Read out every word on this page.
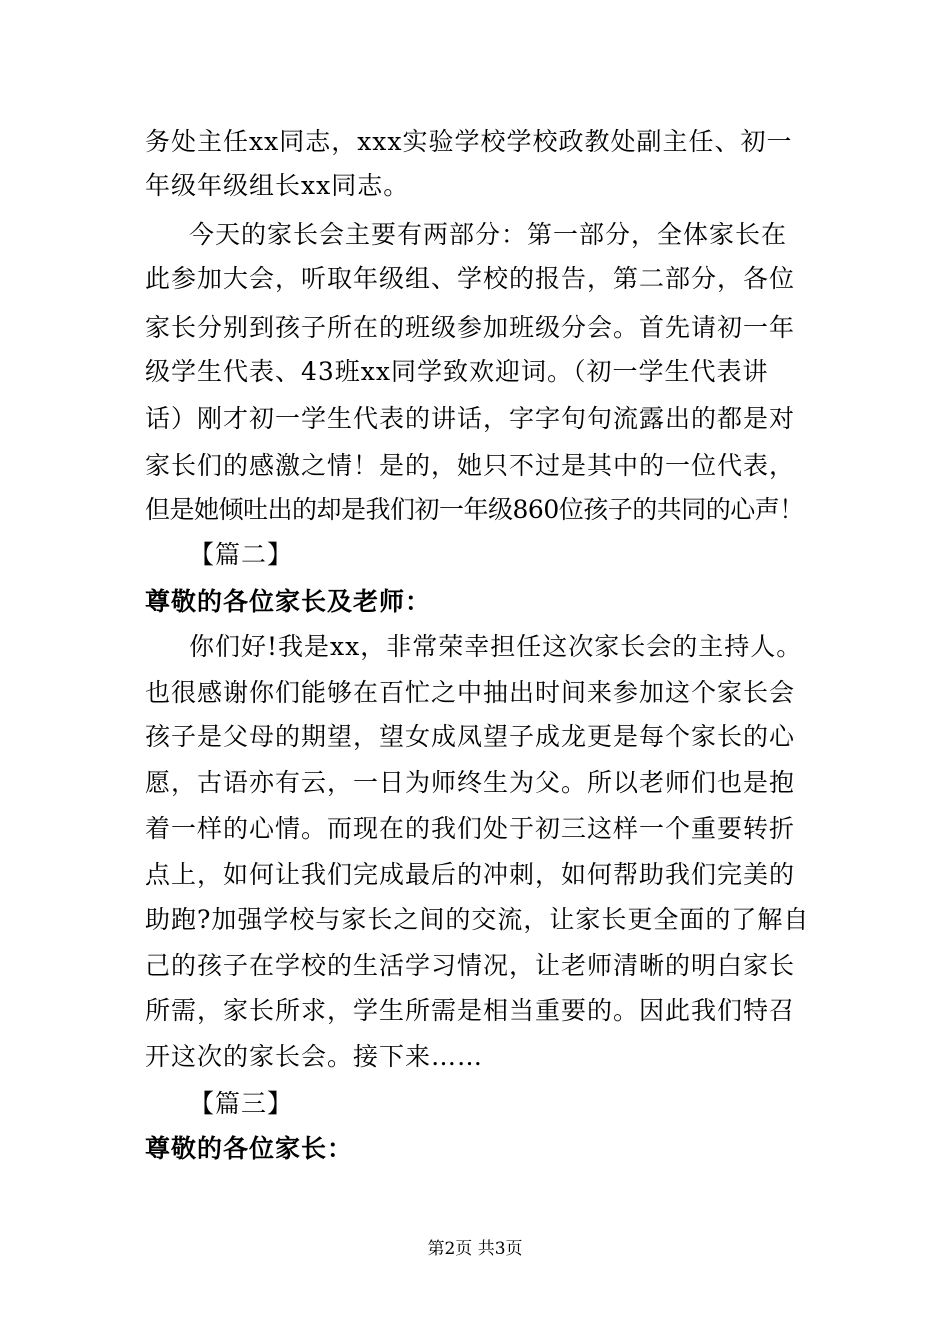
务处主任xx同志，xxx实验学校学校政教处副主任、初一
年级年级组长xx同志。
今天的家长会主要有两部分：第一部分，全体家长在
此参加大会，听取年级组、学校的报告，第二部分，各位
家长分别到孩子所在的班级参加班级分会。首先请初一年
级学生代表、43班xx同学致欢迎词。（初一学生代表讲
话）刚才初一学生代表的讲话，字字句句流露出的都是对
家长们的感激之情！是的，她只不过是其中的一位代表，
但是她倾吐出的却是我们初一年级860位孩子的共同的心声！
【篇二】
尊敬的各位家长及老师：
你们好!我是xx，非常荣幸担任这次家长会的主持人。
也很感谢你们能够在百忙之中抽出时间来参加这个家长会
孩子是父母的期望，望女成凤望子成龙更是每个家长的心
愿，古语亦有云，一日为师终生为父。所以老师们也是抱
着一样的心情。而现在的我们处于初三这样一个重要转折
点上，如何让我们完成最后的冲刺，如何帮助我们完美的
助跑?加强学校与家长之间的交流，让家长更全面的了解自
己的孩子在学校的生活学习情况，让老师清晰的明白家长
所需，家长所求，学生所需是相当重要的。因此我们特召
开这次的家长会。接下来……
【篇三】
尊敬的各位家长：
第2页 共3页
